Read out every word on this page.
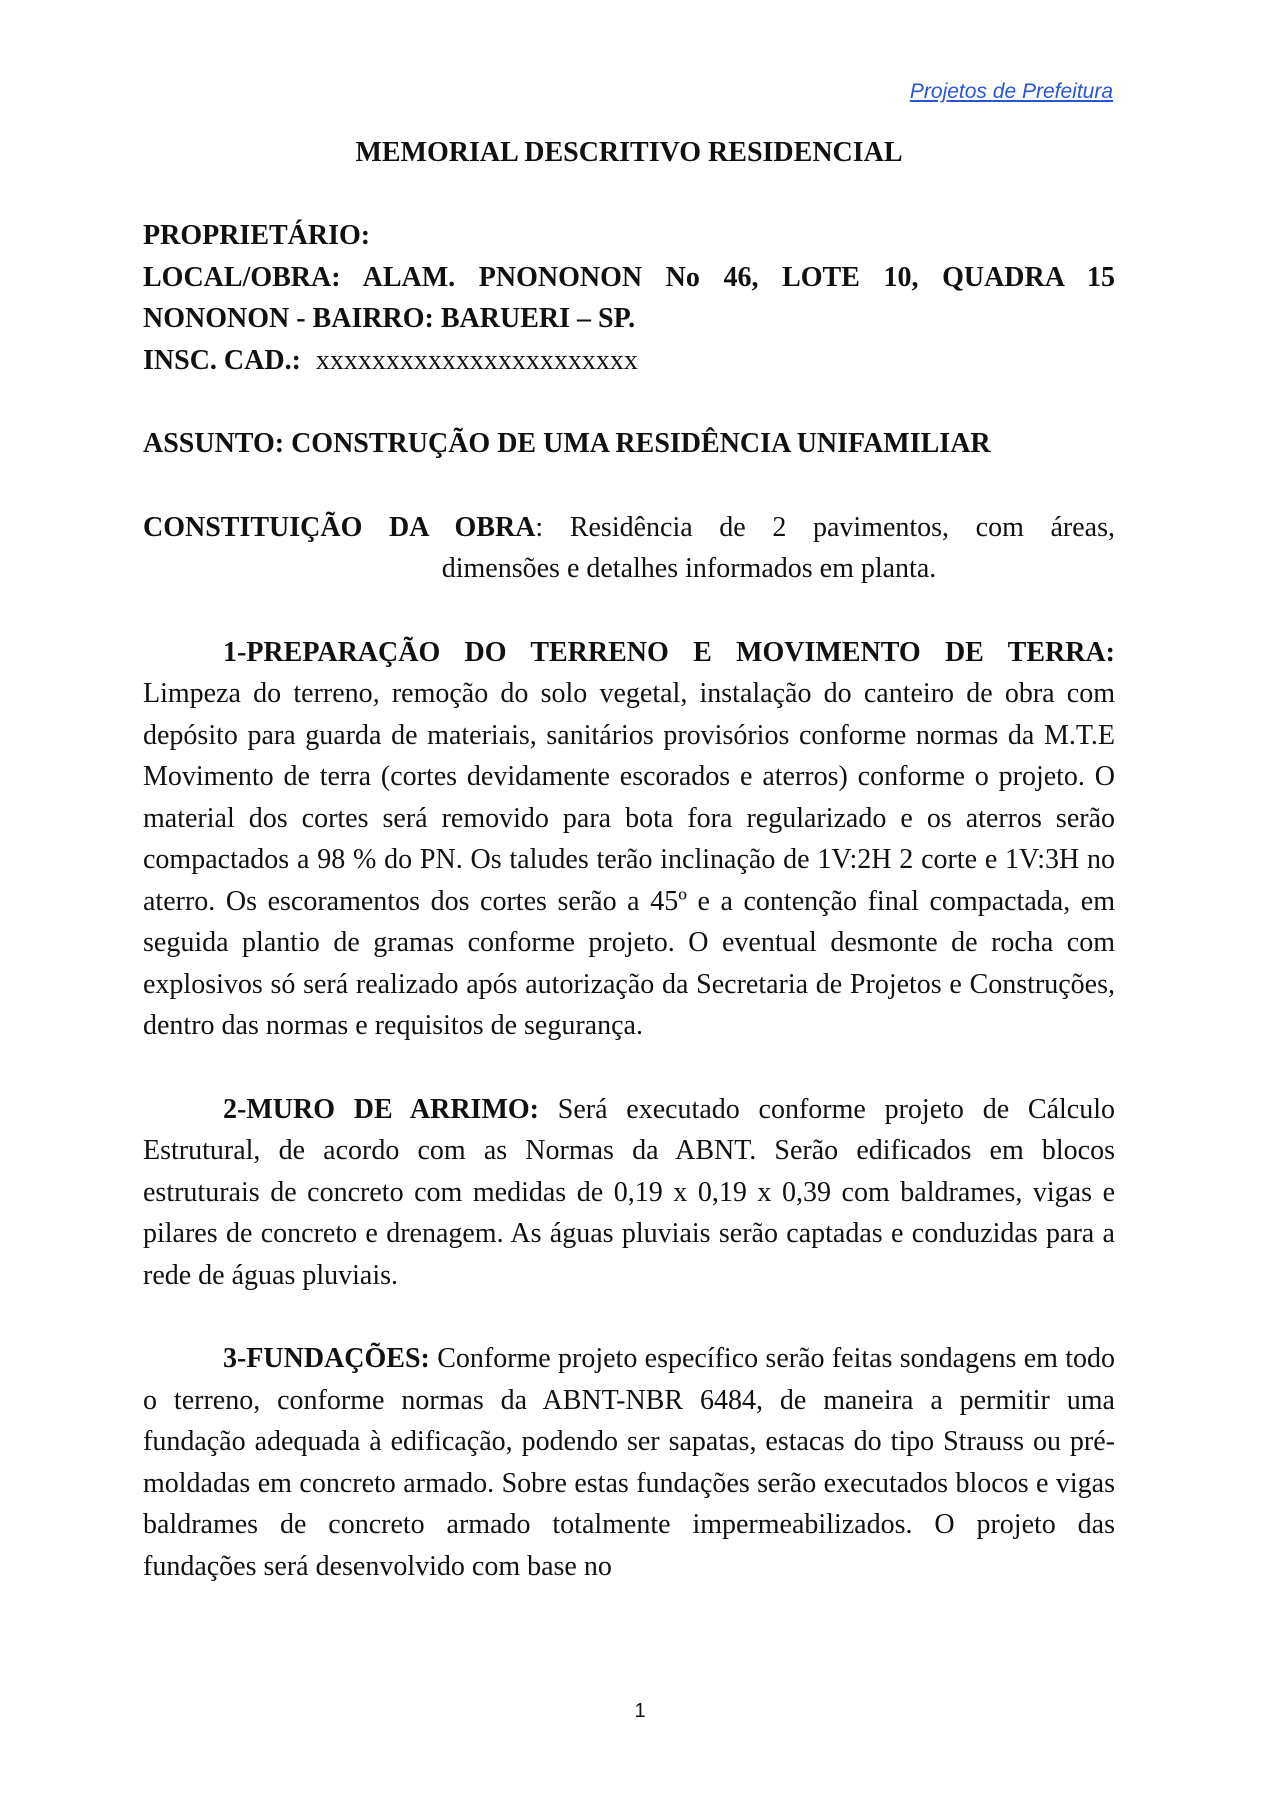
Projetos de Prefeitura

MEMORIAL DESCRITIVO RESIDENCIAL

PROPRIETÁRIO:

LOCAL/OBRA: ALAM. PNONONON No 46, LOTE 10, QUADRA 15

NONONON - BAIRRO: BARUERI – SP.

INSC. CAD.: xxxxxxxxxxxxxxxxxxxxxxx

ASSUNTO: CONSTRUÇÃO DE UMA RESIDÊNCIA UNIFAMILIAR

CONSTITUIÇÃO DA OBRA: Residência de 2 pavimentos, com áreas,

dimensões e detalhes informados em planta.

1-PREPARAÇÃO DO TERRENO E MOVIMENTO DE TERRA: Limpeza do terreno, remoção do solo vegetal, instalação do canteiro de obra com depósito para guarda de materiais, sanitários provisórios conforme normas da M.T.E Movimento de terra (cortes devidamente escorados e aterros) conforme o projeto. O material dos cortes será removido para bota fora regularizado e os aterros serão compactados a 98 % do PN. Os taludes terão inclinação de 1V:2H 2 corte e 1V:3H no aterro. Os escoramentos dos cortes serão a 45º e a contenção final compactada, em seguida plantio de gramas conforme projeto. O eventual desmonte de rocha com explosivos só será realizado após autorização da Secretaria de Projetos e Construções, dentro das normas e requisitos de segurança.

2-MURO DE ARRIMO: Será executado conforme projeto de Cálculo Estrutural, de acordo com as Normas da ABNT. Serão edificados em blocos estruturais de concreto com medidas de 0,19 x 0,19 x 0,39 com baldrames, vigas e pilares de concreto e drenagem. As águas pluviais serão captadas e conduzidas para a rede de águas pluviais.

3-FUNDAÇÕES: Conforme projeto específico serão feitas sondagens em todo o terreno, conforme normas da ABNT-NBR 6484, de maneira a permitir uma fundação adequada à edificação, podendo ser sapatas, estacas do tipo Strauss ou pré-moldadas em concreto armado. Sobre estas fundações serão executados blocos e vigas baldrames de concreto armado totalmente impermeabilizados. O projeto das fundações será desenvolvido com base no

1
